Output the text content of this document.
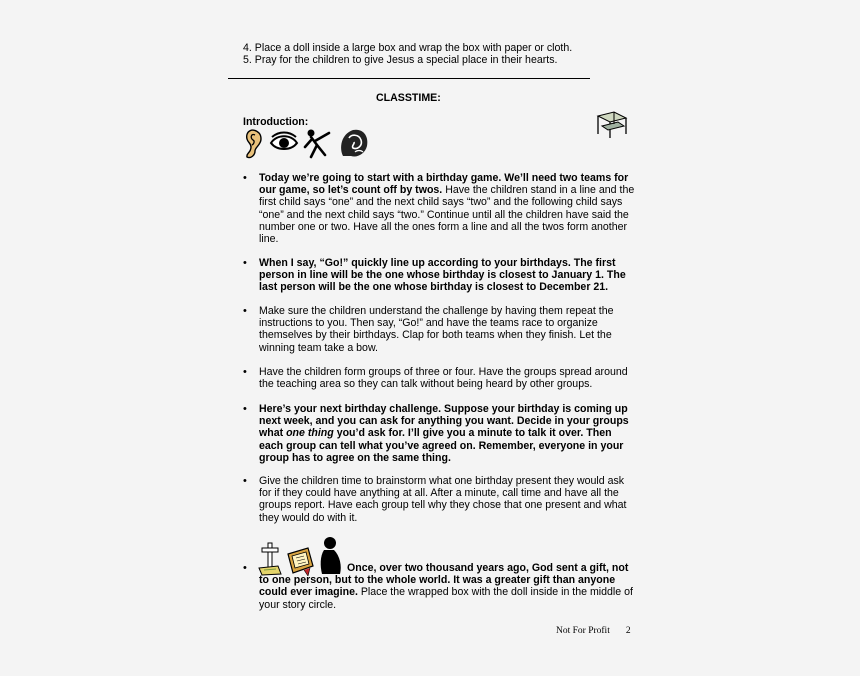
4. Place a doll inside a large box and wrap the box with paper or cloth.
5. Pray for the children to give Jesus a special place in their hearts.
CLASSTIME:
Introduction:
• Today we’re going to start with a birthday game. We’ll need two teams for our game, so let’s count off by twos. Have the children stand in a line and the first child says “one” and the next child says “two” and the following child says “one” and the next child says “two.” Continue until all the children have said the number one or two. Have all the ones form a line and all the twos form another line.
• When I say, “Go!” quickly line up according to your birthdays. The first person in line will be the one whose birthday is closest to January 1. The last person will be the one whose birthday is closest to December 21.
• Make sure the children understand the challenge by having them repeat the instructions to you. Then say, “Go!” and have the teams race to organize themselves by their birthdays. Clap for both teams when they finish. Let the winning team take a bow.
• Have the children form groups of three or four. Have the groups spread around the teaching area so they can talk without being heard by other groups.
• Here’s your next birthday challenge. Suppose your birthday is coming up next week, and you can ask for anything you want. Decide in your groups what one thing you’d ask for. I’ll give you a minute to talk it over. Then each group can tell what you’ve agreed on. Remember, everyone in your group has to agree on the same thing.
• Give the children time to brainstorm what one birthday present they would ask for if they could have anything at all. After a minute, call time and have all the groups report. Have each group tell why they chose that one present and what they would do with it.
•	Once, over two thousand years ago, God sent a gift, not to one person, but to the whole world. It was a greater gift than anyone could ever imagine. Place the wrapped box with the doll inside in the middle of your story circle.
Not For Profit 2
